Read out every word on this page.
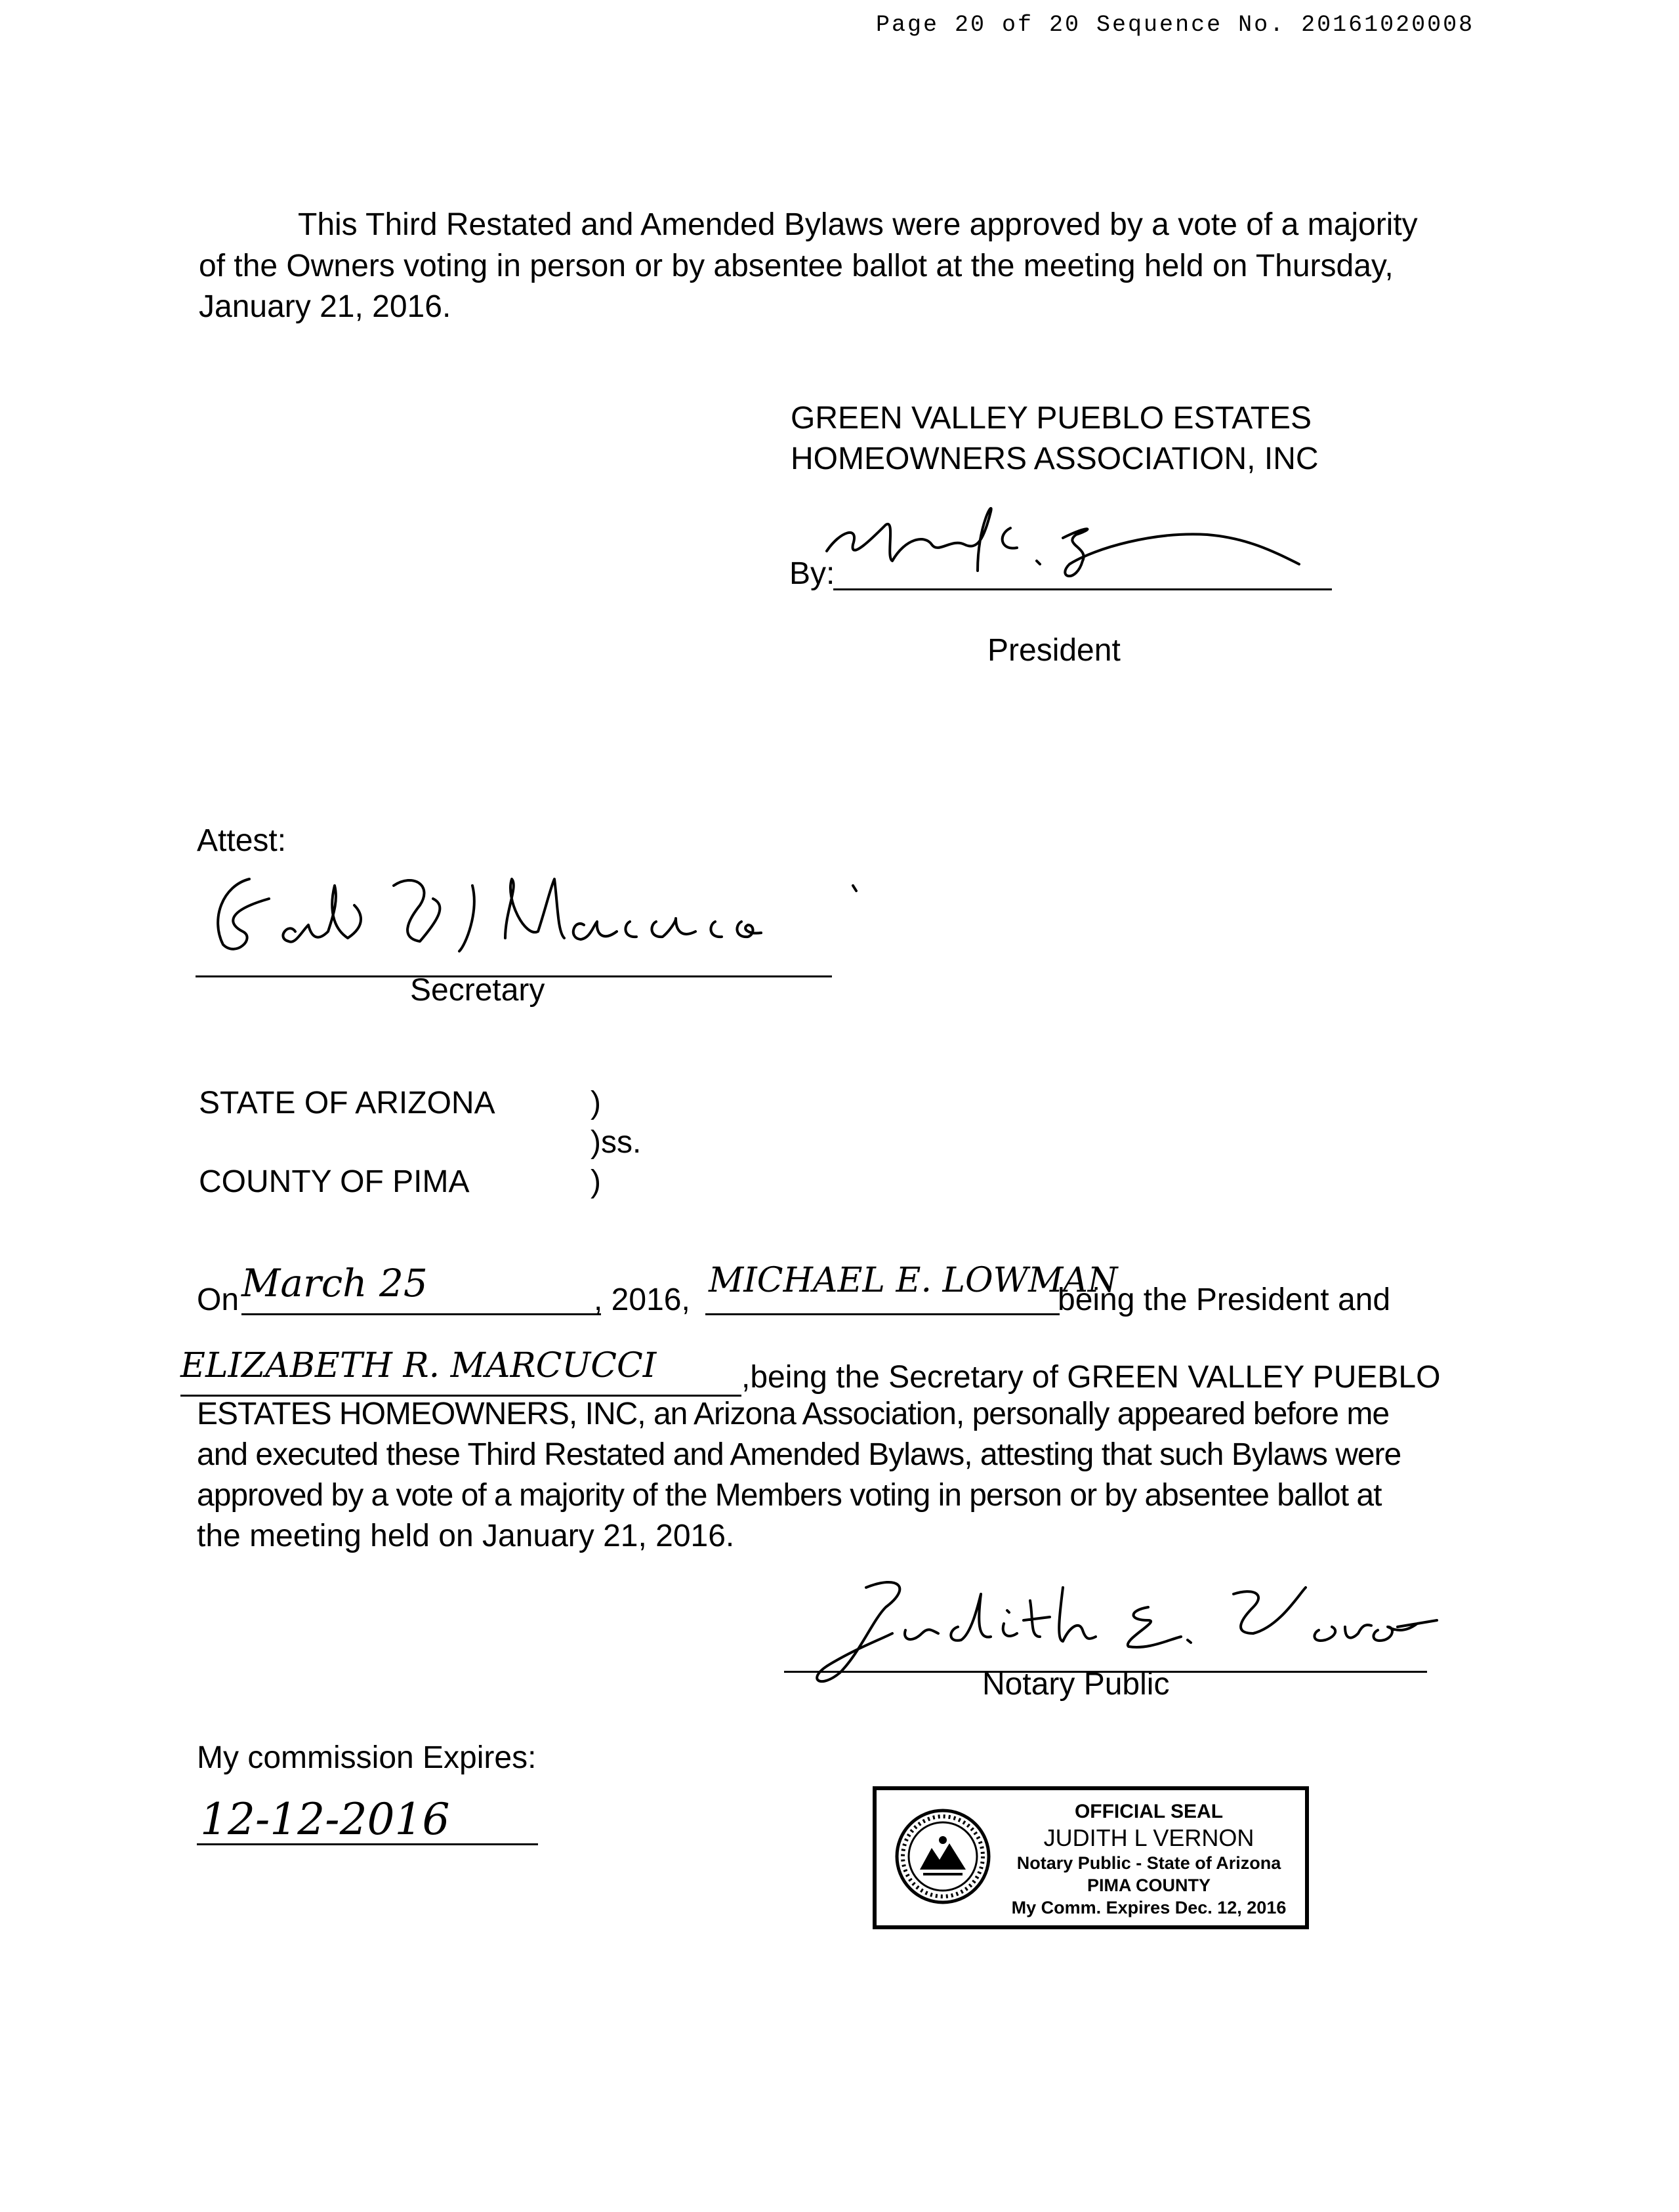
Page 20 of 20 Sequence No. 20161020008
This Third Restated and Amended Bylaws were approved by a vote of a majority
of the Owners voting in person or by absentee ballot at the meeting held on Thursday,
January 21, 2016.
GREEN VALLEY PUEBLO ESTATES
HOMEOWNERS ASSOCIATION, INC
By:
President
Attest:
Secretary
STATE OF ARIZONA	)
)ss.
COUNTY OF PIMA	)
On March 25	, 2016, MICHAEL E. LOWMAN
being the President and
ELIZABETH R. MARCUCCI	,being the Secretary of GREEN VALLEY PUEBLO
ESTATES HOMEOWNERS, INC, an Arizona Association, personally appeared before me
and executed these Third Restated and Amended Bylaws, attesting that such Bylaws were
approved by a vote of a majority of the Members voting in person or by absentee ballot at
the meeting held on January 21, 2016.
Notary Public
My commission Expires:
12-12-2016	OFFICIAL SEAL
JUDITH L VERNON
Notary Public - State of Arizona
PIMA COUNTY
My Comm. Expires Dec. 12, 2016
